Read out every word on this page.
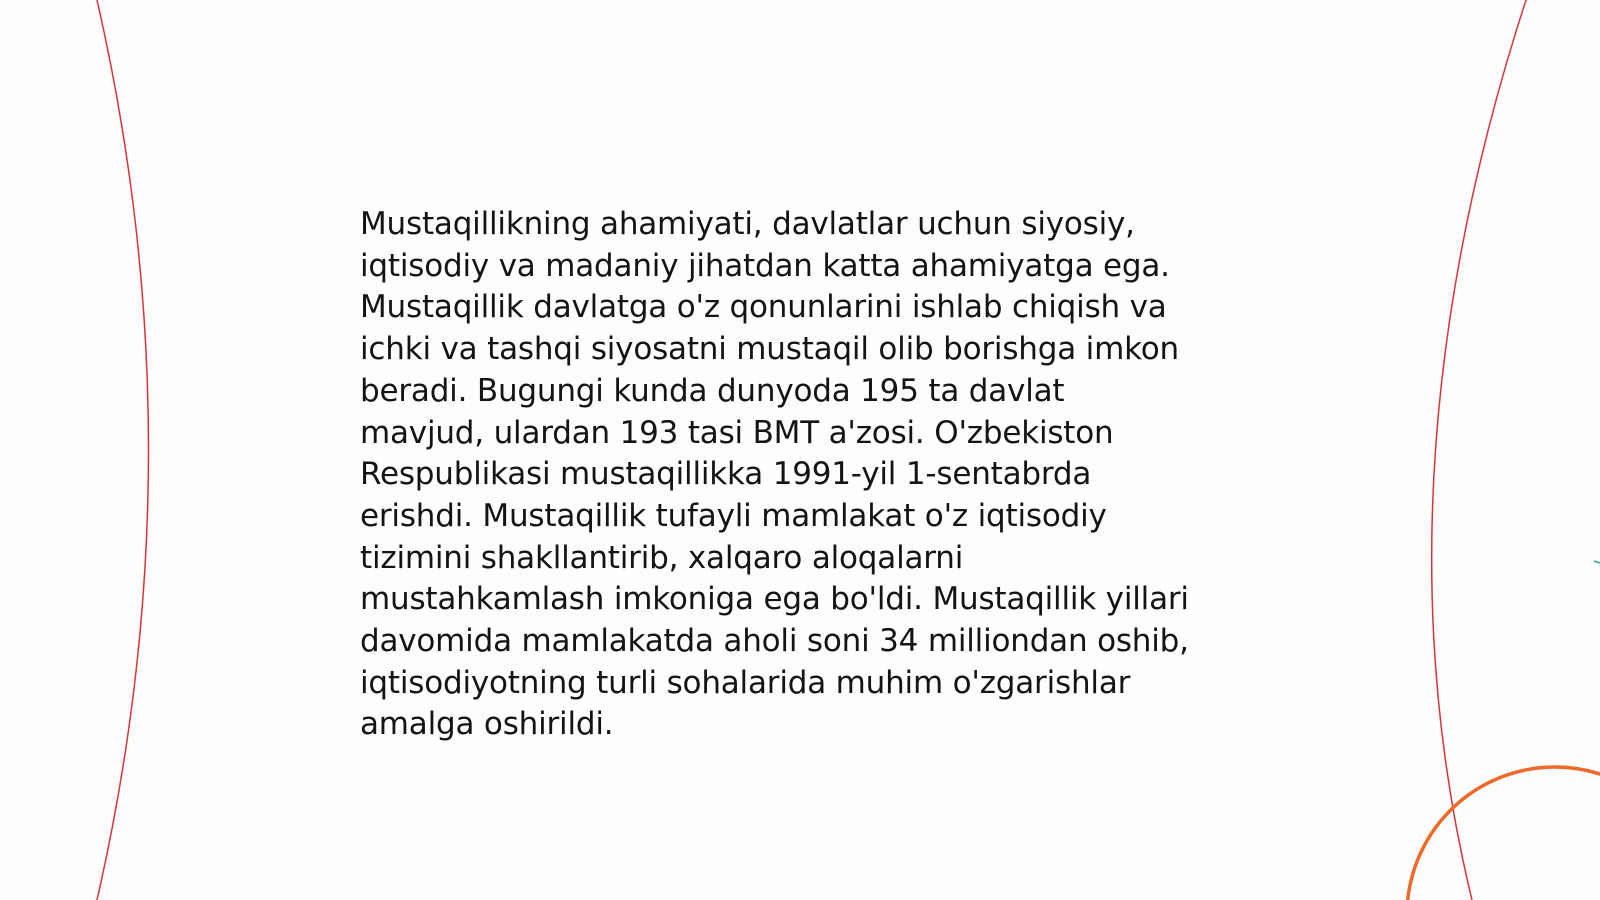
Mustaqillikning ahamiyati, davlatlar uchun siyosiy,
iqtisodiy va madaniy jihatdan katta ahamiyatga ega.
Mustaqillik davlatga o'z qonunlarini ishlab chiqish va
ichki va tashqi siyosatni mustaqil olib borishga imkon
beradi. Bugungi kunda dunyoda 195 ta davlat
mavjud, ulardan 193 tasi BMT a'zosi. O'zbekiston
Respublikasi mustaqillikka 1991-yil 1-sentabrda
erishdi. Mustaqillik tufayli mamlakat o'z iqtisodiy
tizimini shakllantirib, xalqaro aloqalarni
mustahkamlash imkoniga ega bo'ldi. Mustaqillik yillari
davomida mamlakatda aholi soni 34 milliondan oshib,
iqtisodiyotning turli sohalarida muhim o'zgarishlar
amalga oshirildi.
